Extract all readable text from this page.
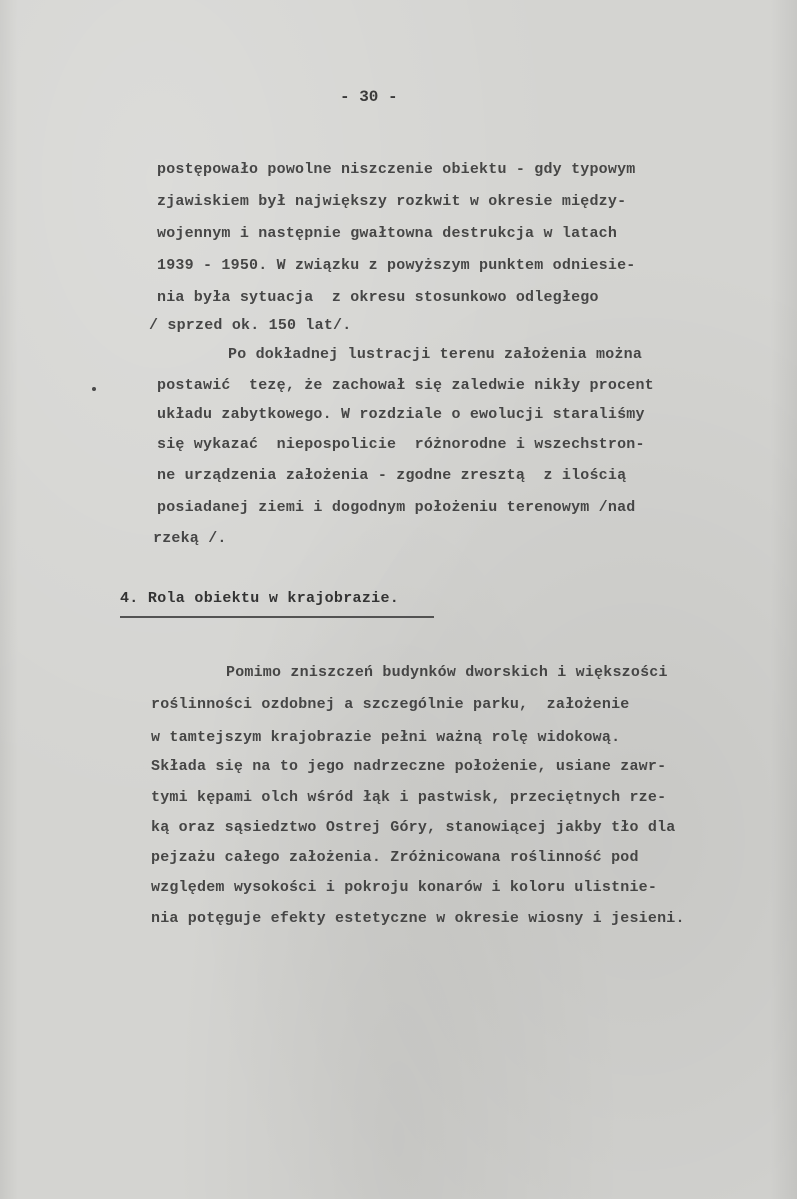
- 30 -
postępowało powolne niszczenie obiektu - gdy typowym
zjawiskiem był największy rozkwit w okresie między-
wojennym i następnie gwałtowna destrukcja w latach
1939 - 1950. W związku z powyższym punktem odniesie-
nia była sytuacja  z okresu stosunkowo odległego
/ sprzed ok. 150 lat/.
Po dokładnej lustracji terenu założenia można
postawić  tezę, że zachował się zaledwie nikły procent
układu zabytkowego. W rozdziale o ewolucji staraliśmy
się wykazać  niepospolicie  różnorodne i wszechstron-
ne urządzenia założenia - zgodne zresztą  z ilością
posiadanej ziemi i dogodnym położeniu terenowym /nad
rzeką /.
4. Rola obiektu w krajobrazie.
Pomimo zniszczeń budynków dworskich i większości
roślinności ozdobnej a szczególnie parku,  założenie
w tamtejszym krajobrazie pełni ważną rolę widokową.
Składa się na to jego nadrzeczne położenie, usiane zawr-
tymi kępami olch wśród łąk i pastwisk, przeciętnych rze-
ką oraz sąsiedztwo Ostrej Góry, stanowiącej jakby tło dla
pejzażu całego założenia. Zróżnicowana roślinność pod
względem wysokości i pokroju konarów i koloru ulistnie-
nia potęguje efekty estetyczne w okresie wiosny i jesieni.
